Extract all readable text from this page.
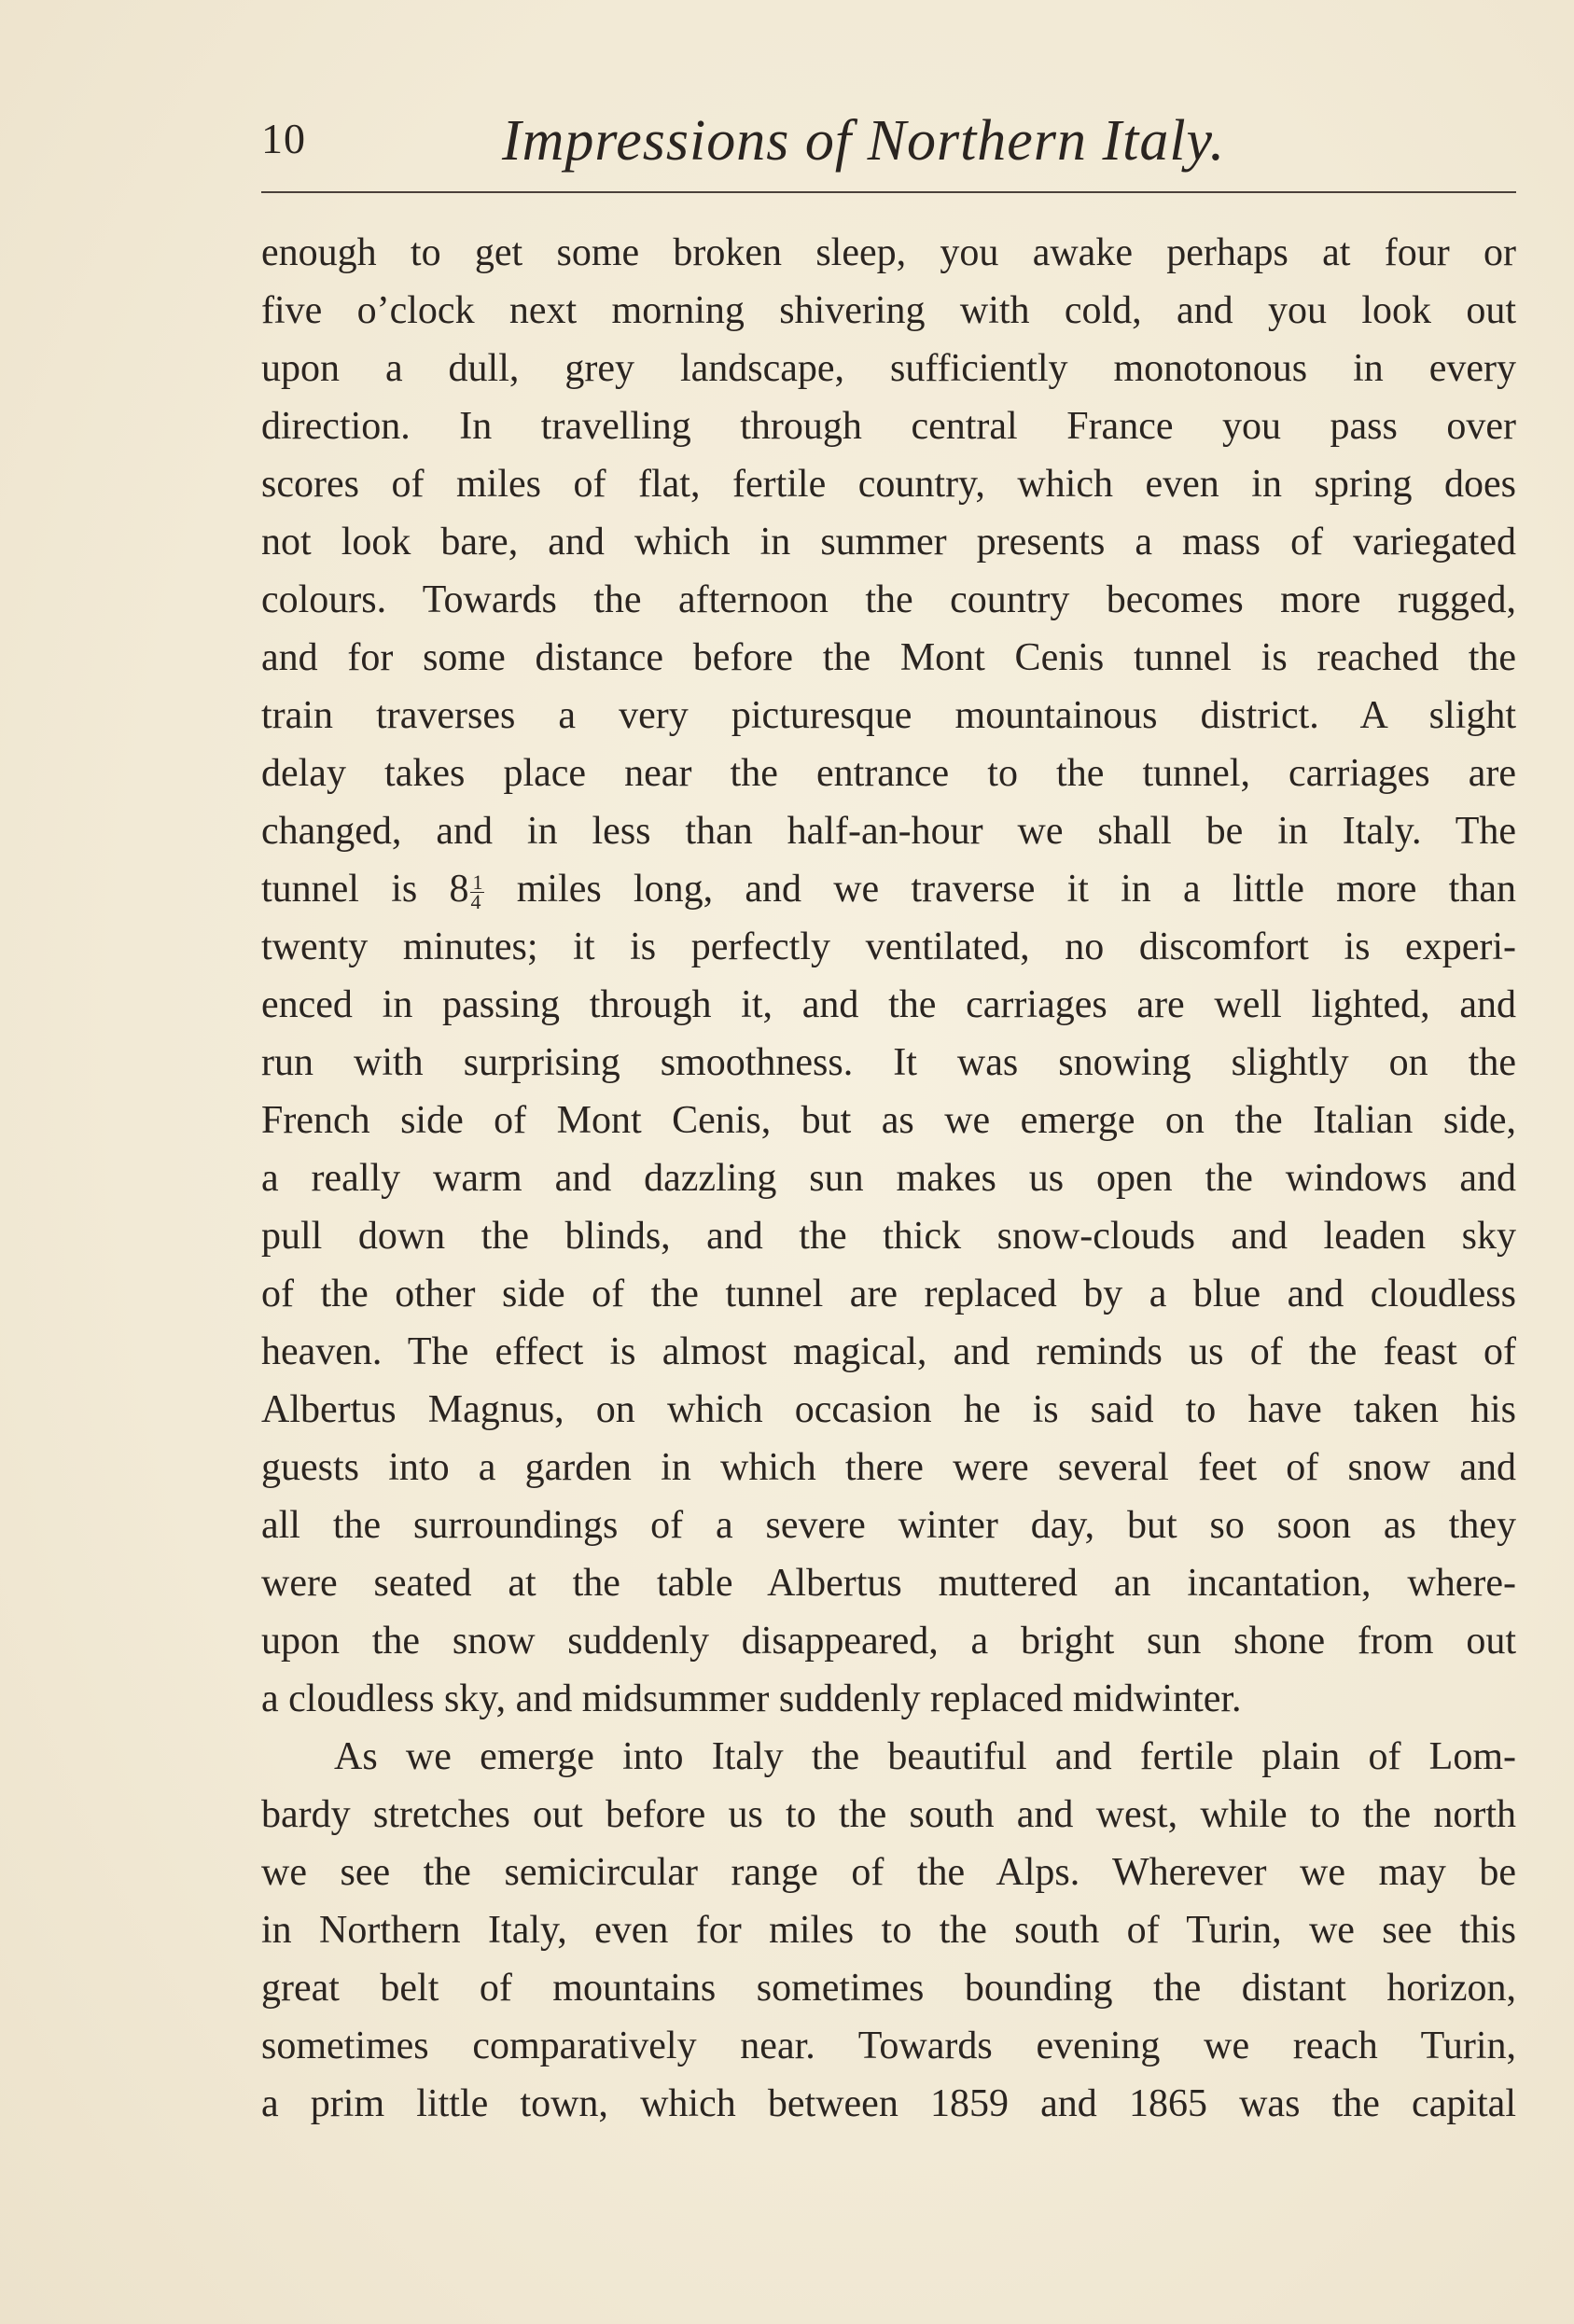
10	Impressions of Northern Italy.
enough to get some broken sleep, you awake perhaps at four or
five o’clock next morning shivering with cold, and you look out
upon a dull, grey landscape, sufficiently monotonous in every
direction. In travelling through central France you pass over
scores of miles of flat, fertile country, which even in spring does
not look bare, and which in summer presents a mass of variegated
colours. Towards the afternoon the country becomes more rugged,
and for some distance before the Mont Cenis tunnel is reached the
train traverses a very picturesque mountainous district. A slight
delay takes place near the entrance to the tunnel, carriages are
changed, and in less than half-an-hour we shall be in Italy. The
tunnel is $8 \frac{1}{4}$ miles long, and we traverse it in a little more than
twenty minutes; it is perfectly ventilated, no discomfort is experi-
enced in passing through it, and the carriages are well lighted, and
run with surprising smoothness. It was snowing slightly on the
French side of Mont Cenis, but as we emerge on the Italian side,
a really warm and dazzling sun makes us open the windows and
pull down the blinds, and the thick snow-clouds and leaden sky
of the other side of the tunnel are replaced by a blue and cloudless
heaven. The effect is almost magical, and reminds us of the feast of
Albertus Magnus, on which occasion he is said to have taken his
guests into a garden in which there were several feet of snow and
all the surroundings of a severe winter day, but so soon as they
were seated at the table Albertus muttered an incantation, where-
upon the snow suddenly disappeared, a bright sun shone from out
a cloudless sky, and midsummer suddenly replaced midwinter.
As we emerge into Italy the beautiful and fertile plain of Lom-
bardy stretches out before us to the south and west, while to the north
we see the semicircular range of the Alps. Wherever we may be
in Northern Italy, even for miles to the south of Turin, we see this
great belt of mountains sometimes bounding the distant horizon,
sometimes comparatively near. Towards evening we reach Turin,
a prim little town, which between 1859 and 1865 was the capital
